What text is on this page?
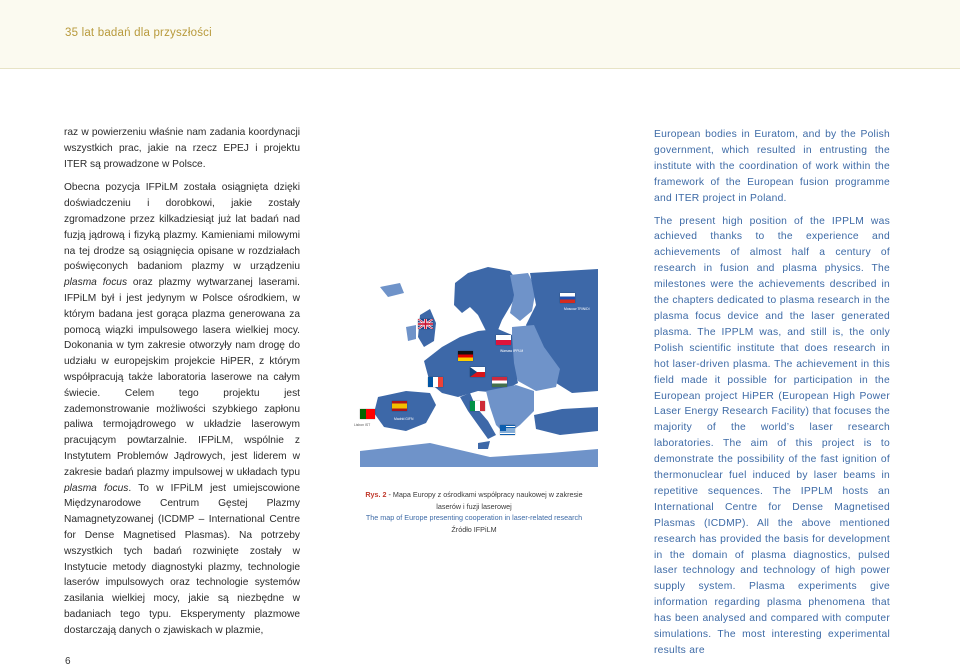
35 lat badań dla przyszłości

raz w powierzeniu właśnie nam zadania koordynacji wszystkich prac, jakie na rzecz EPEJ i projektu ITER są prowadzone w Polsce.

Obecna pozycja IFPiLM została osiągnięta dzięki doświadczeniu i dorobkowi, jakie zostały zgromadzone przez kilkadziesiąt już lat badań nad fuzją jądrową i fizyką plazmy. Kamieniami milowymi na tej drodze są osiągnięcia opisane w rozdziałach poświęconych badaniom plazmy w urządzeniu plasma focus oraz plazmy wytwarzanej laserami. IFPiLM był i jest jedynym w Polsce ośrodkiem, w którym badana jest gorąca plazma generowana za pomocą wiązki impulsowego lasera wielkiej mocy. Dokonania w tym zakresie otworzyły nam drogę do udziału w europejskim projekcie HiPER, z którym współpracują także laboratoria laserowe na całym świecie. Celem tego projektu jest zademonstrowanie możliwości szybkiego zapłonu paliwa termojądrowego w układzie laserowym pracującym powtarzalnie. IFPiLM, wspólnie z Instytutem Problemów Jądrowych, jest liderem w zakresie badań plazmy impulsowej w układach typu plasma focus. To w IFPiLM jest umiejscowione Międzynarodowe Centrum Gęstej Plazmy Namagnetyzowanej (ICDMP – International Centre for Dense Magnetised Plasmas). Na potrzeby wszystkich tych badań rozwinięte zostały w Instytucie metody diagnostyki plazmy, technologie laserów impulsowych oraz technologie systemów zasilania wielkiej mocy, jakie są niezbędne w badaniach tego typu. Eksperymenty plazmowe dostarczają danych o zjawiskach w plazmie,

European bodies in Euratom, and by the Polish government, which resulted in entrusting the institute with the coordination of work within the framework of the European fusion programme and ITER project in Poland.

The present high position of the IPPLM was achieved thanks to the experience and achievements of almost half a century of research in fusion and plasma physics. The milestones were the achievements described in the chapters dedicated to plasma research in the plasma focus device and the laser generated plasma. The IPPLM was, and still is, the only Polish scientific institute that does research in hot laser-driven plasma. The achievement in this field made it possible for participation in the European project HiPER (European High Power Laser Energy Research Facility) that focuses the majority of the world’s laser research laboratories. The aim of this project is to demonstrate the possibility of the fast ignition of thermonuclear fuel induced by laser beams in repetitive sequences. The IPPLM hosts an International Centre for Dense Magnetised Plasmas (ICDMP). All the above mentioned research has provided the basis for development in the domain of plasma diagnostics, pulsed laser technology and technology of high power supply system. Plasma experiments give information regarding plasma phenomena that has been analysed and compared with computer simulations. The most interesting experimental results are

Moscow TRINIDI
Warsaw IPPLM
Madrid GIFN
Lisbon IST
Crete, IESL FORTH
Rys. 2 - Mapa Europy z ośrodkami współpracy naukowej w zakresie laserów i fuzji laserowej
The map of Europe presenting cooperation in laser-related research
Źródło IFPiLM
6
